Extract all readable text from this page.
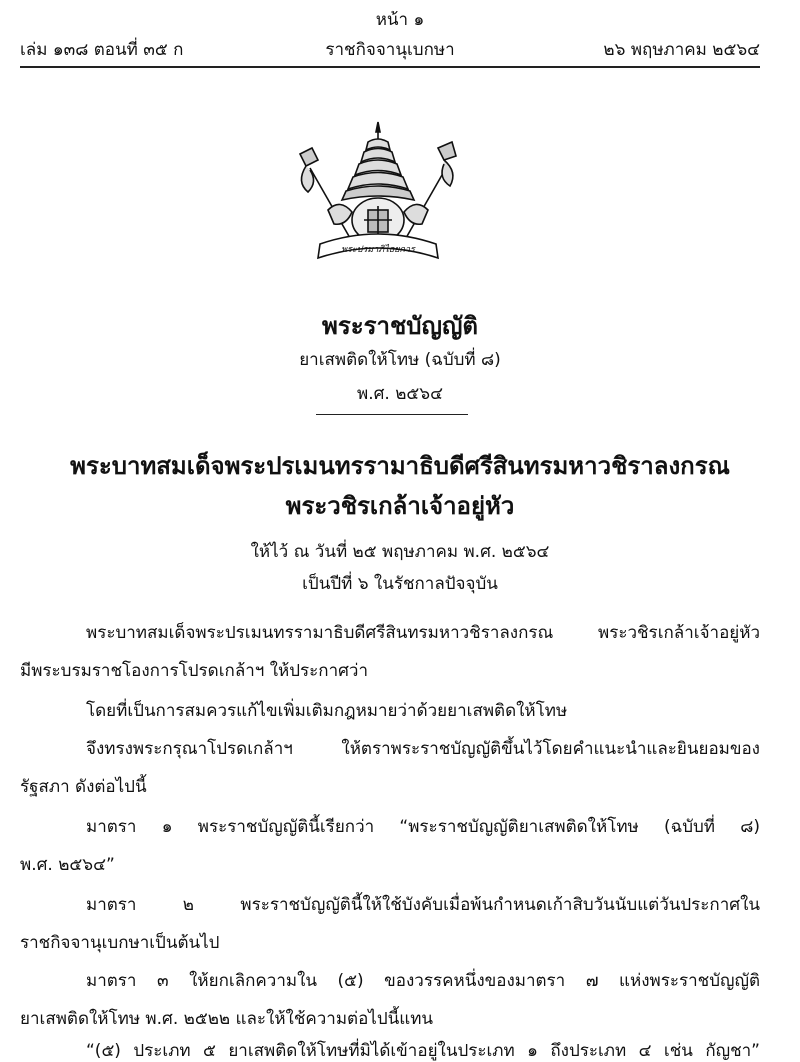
หน้า ๑
เล่ม ๑๓๘ ตอนที่ ๓๕ ก	ราชกิจจานุเบกษา	๒๖ พฤษภาคม ๒๕๖๔
พระปรมาภิไธยการ
พระราชบัญญัติ
ยาเสพติดให้โทษ (ฉบับที่ ๘)
พ.ศ. ๒๕๖๔
พระบาทสมเด็จพระปรเมนทรรามาธิบดีศรีสินทรมหาวชิราลงกรณ
พระวชิรเกล้าเจ้าอยู่หัว
ให้ไว้ ณ วันที่ ๒๕ พฤษภาคม พ.ศ. ๒๕๖๔
เป็นปีที่ ๖ ในรัชกาลปัจจุบัน
พระบาทสมเด็จพระปรเมนทรรามาธิบดีศรีสินทรมหาวชิราลงกรณ พระวชิรเกล้าเจ้าอยู่หัว
มีพระบรมราชโองการโปรดเกล้าฯ ให้ประกาศว่า
โดยที่เป็นการสมควรแก้ไขเพิ่มเติมกฎหมายว่าด้วยยาเสพติดให้โทษ
จึงทรงพระกรุณาโปรดเกล้าฯ ให้ตราพระราชบัญญัติขึ้นไว้โดยคำแนะนำและยินยอมของ
รัฐสภา ดังต่อไปนี้
มาตรา ๑ พระราชบัญญัตินี้เรียกว่า “พระราชบัญญัติยาเสพติดให้โทษ (ฉบับที่ ๘)
พ.ศ. ๒๕๖๔”
มาตรา ๒ พระราชบัญญัตินี้ให้ใช้บังคับเมื่อพ้นกำหนดเก้าสิบวันนับแต่วันประกาศใน
ราชกิจจานุเบกษาเป็นต้นไป
มาตรา ๓ ให้ยกเลิกความใน (๕) ของวรรคหนึ่งของมาตรา ๗ แห่งพระราชบัญญัติ
ยาเสพติดให้โทษ พ.ศ. ๒๕๒๒ และให้ใช้ความต่อไปนี้แทน
“(๕) ประเภท ๕ ยาเสพติดให้โทษที่มิได้เข้าอยู่ในประเภท ๑ ถึงประเภท ๔ เช่น กัญชา”
